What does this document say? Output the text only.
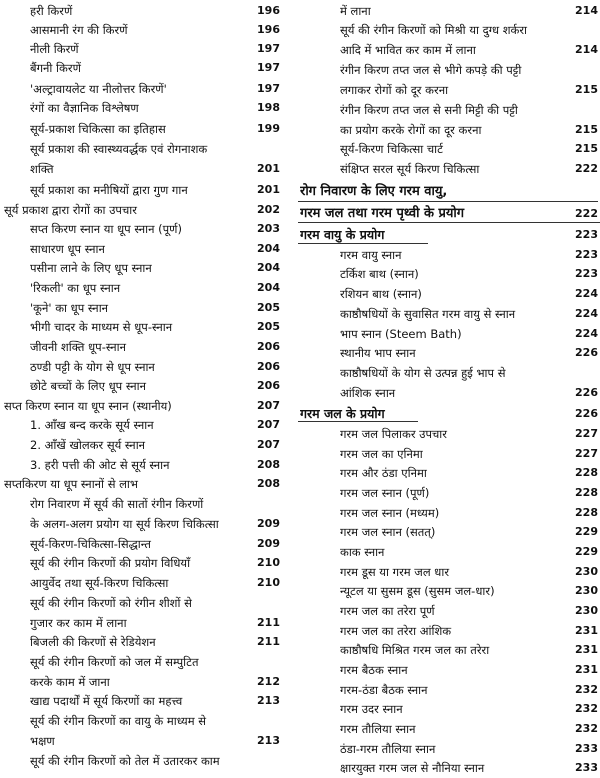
हरी किरणें	196
आसमानी रंग की किरणें	196
नीली किरणें	197
बैंगनी किरणें	197
'अल्ट्रावायलेट या नीलोत्तर किरणें'	197
रंगों का वैज्ञानिक विश्लेषण	198
सूर्य-प्रकाश चिकित्सा का इतिहास	199
सूर्य प्रकाश की स्वास्थ्यवर्द्धक एवं रोगनाशक
शक्ति	201
सूर्य प्रकाश का मनीषियों द्वारा गुण गान	201
सूर्य प्रकाश द्वारा रोगों का उपचार	202
सप्त किरण स्नान या धूप स्नान (पूर्ण)	203
साधारण धूप स्नान	204
पसीना लाने के लिए धूप स्नान	204
'रिकली' का धूप स्नान	204
'कूने' का धूप स्नान	205
भीगी चादर के माध्यम से धूप-स्नान	205
जीवनी शक्ति धूप-स्नान	206
ठण्डी पट्टी के योग से धूप स्नान	206
छोटे बच्चों के लिए धूप स्नान	206
सप्त किरण स्नान या धूप स्नान (स्थानीय)	207
1. आँख बन्द करके सूर्य स्नान	207
2. आँखें खोलकर सूर्य स्नान	207
3. हरी पत्ती की ओट से सूर्य स्नान	208
सप्तकिरण या धूप स्नानों से लाभ	208
रोग निवारण में सूर्य की सातों रंगीन किरणों
के अलग-अलग प्रयोग या सूर्य किरण चिकित्सा	209
सूर्य-किरण-चिकित्सा-सिद्धान्त	209
सूर्य की रंगीन किरणों की प्रयोग विधियाँ	210
आयुर्वेद तथा सूर्य-किरण चिकित्सा	210
सूर्य की रंगीन किरणों को रंगीन शीशों से
गुजार कर काम में लाना	211
बिजली की किरणों से रेडियेशन	211
सूर्य की रंगीन किरणों को जल में सम्पुटित
करके काम में जाना	212
खाद्य पदार्थों में सूर्य किरणों का महत्त्व	213
सूर्य की रंगीन किरणों का वायु के माध्यम से
भक्षण	213
सूर्य की रंगीन किरणों को तेल में उतारकर काम
में लाना	214
सूर्य की रंगीन किरणों को मिश्री या दुग्ध शर्करा
आदि में भावित कर काम में लाना	214
रंगीन किरण तप्त जल से भीगे कपड़े की पट्टी
लगाकर रोगों को दूर करना	215
रंगीन किरण तप्त जल से सनी मिट्टी की पट्टी
का प्रयोग करके रोगों का दूर करना	215
सूर्य-किरण चिकित्सा चार्ट	215
संक्षिप्त सरल सूर्य किरण चिकित्सा	222
रोग निवारण के लिए गरम वायु,
गरम जल तथा गरम पृथ्वी के प्रयोग	222
गरम वायु के प्रयोग	223
गरम वायु स्नान	223
टर्किश बाथ (स्नान)	223
रशियन बाथ (स्नान)	224
काष्ठौषधियों के सुवासित गरम वायु से स्नान	224
भाप स्नान (Steem Bath)	224
स्थानीय भाप स्नान	226
काष्ठौषधियों के योग से उत्पन्न हुई भाप से
आंशिक स्नान	226
गरम जल के प्रयोग	226
गरम जल पिलाकर उपचार	227
गरम जल का एनिमा	227
गरम और ठंडा एनिमा	228
गरम जल स्नान (पूर्ण)	228
गरम जल स्नान (मध्यम)	228
गरम जल स्नान (सतत्)	229
काक स्नान	229
गरम डूस या गरम जल धार	230
न्यूटल या सुसम डूस (सुसम जल-धार)	230
गरम जल का तरेरा पूर्ण	230
गरम जल का तरेरा आंशिक	231
काष्ठौषधि मिश्रित गरम जल का तरेरा	231
गरम बैठक स्नान	231
गरम-ठंडा बैठक स्नान	232
गरम उदर स्नान	232
गरम तौलिया स्नान	232
ठंडा-गरम तौलिया स्नान	233
क्षारयुक्त गरम जल से नौनिया स्नान	233
